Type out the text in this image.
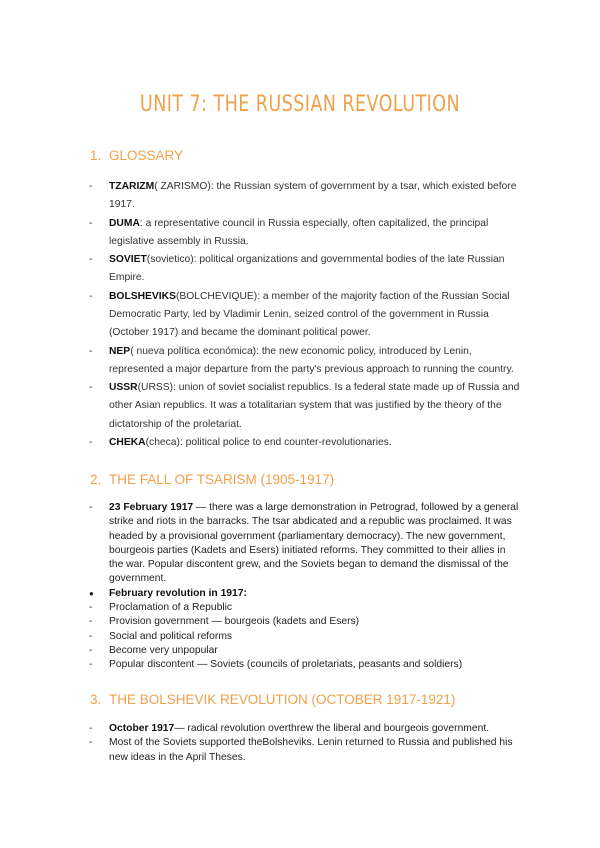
UNIT 7: THE RUSSIAN REVOLUTION
1. GLOSSARY
- TZARIZM( ZARISMO): the Russian system of government by a tsar, which existed before 1917.
- DUMA: a representative council in Russia especially, often capitalized, the principal legislative assembly in Russia.
- SOVIET(sovietico): political organizations and governmental bodies of the late Russian Empire.
- BOLSHEVIKS(BOLCHEVIQUE): a member of the majority faction of the Russian Social Democratic Party, led by Vladimir Lenin, seized control of the government in Russia (October 1917) and became the dominant political power.
- NEP( nueva política económica): the new economic policy, introduced by Lenin, represented a major departure from the party's previous approach to running the country.
- USSR(URSS): union of soviet socialist republics. Is a federal state made up of Russia and other Asian republics. It was a totalitarian system that was justified by the theory of the dictatorship of the proletariat.
- CHEKA(checa): political police to end counter-revolutionaries.
2. THE FALL OF TSARISM (1905-1917)
- 23 February 1917 — there was a large demonstration in Petrograd, followed by a general strike and riots in the barracks. The tsar abdicated and a republic was proclaimed. It was headed by a provisional government (parliamentary democracy). The new government, bourgeois parties (Kadets and Esers) initiated reforms. They committed to their allies in the war. Popular discontent grew, and the Soviets began to demand the dismissal of the government.
● February revolution in 1917:
- Proclamation of a Republic
- Provision government — bourgeois (kadets and Esers)
- Social and political reforms
- Become very unpopular
- Popular discontent — Soviets (councils of proletariats, peasants and soldiers)
3. THE BOLSHEVIK REVOLUTION (OCTOBER 1917-1921)
- October 1917— radical revolution overthrew the liberal and bourgeois government.
- Most of the Soviets supported theBolsheviks. Lenin returned to Russia and published his new ideas in the April Theses.
